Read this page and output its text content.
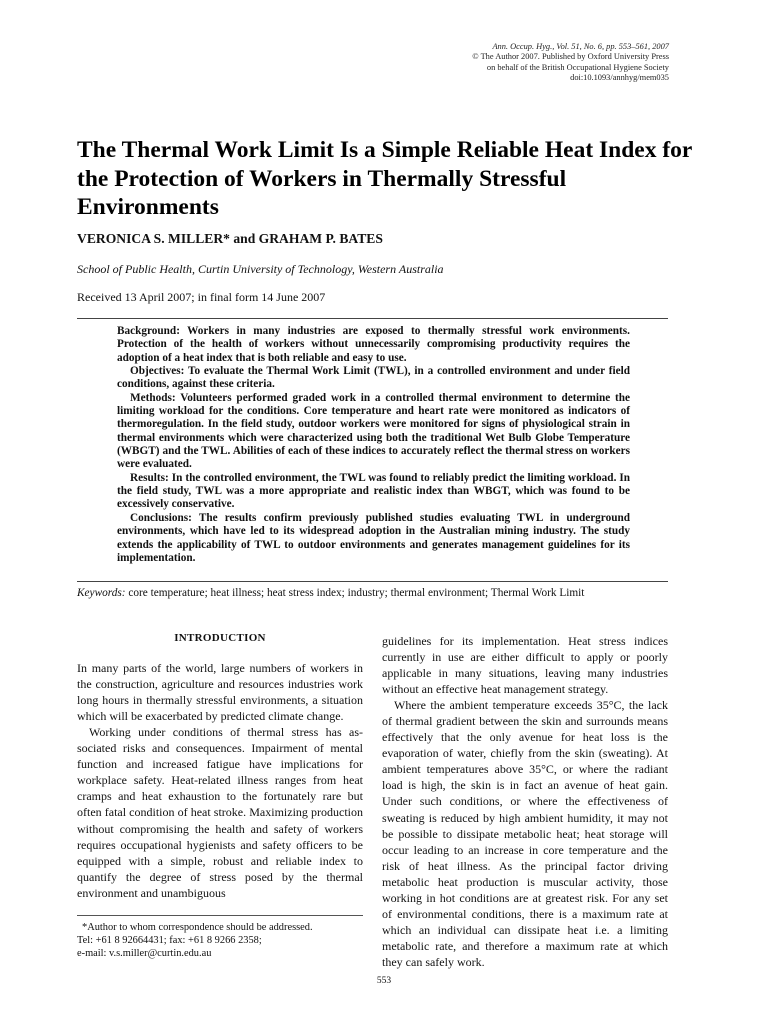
Ann. Occup. Hyg., Vol. 51, No. 6, pp. 553–561, 2007
© The Author 2007. Published by Oxford University Press
on behalf of the British Occupational Hygiene Society
doi:10.1093/annhyg/mem035
The Thermal Work Limit Is a Simple Reliable Heat Index for the Protection of Workers in Thermally Stressful Environments
VERONICA S. MILLER* and GRAHAM P. BATES
School of Public Health, Curtin University of Technology, Western Australia
Received 13 April 2007; in final form 14 June 2007

Background: Workers in many industries are exposed to thermally stressful work environments. Protection of the health of workers without unnecessarily compromising productivity requires the adoption of a heat index that is both reliable and easy to use.

Objectives: To evaluate the Thermal Work Limit (TWL), in a controlled environment and under field conditions, against these criteria.

Methods: Volunteers performed graded work in a controlled thermal environment to determine the limiting workload for the conditions. Core temperature and heart rate were monitored as indicators of thermoregulation. In the field study, outdoor workers were monitored for signs of physiological strain in thermal environments which were characterized using both the traditional Wet Bulb Globe Temperature (WBGT) and the TWL. Abilities of each of these indices to accurately reflect the thermal stress on workers were evaluated.

Results: In the controlled environment, the TWL was found to reliably predict the limiting workload. In the field study, TWL was a more appropriate and realistic index than WBGT, which was found to be excessively conservative.

Conclusions: The results confirm previously published studies evaluating TWL in underground environments, which have led to its widespread adoption in the Australian mining industry. The study extends the applicability of TWL to outdoor environments and generates management guidelines for its implementation.

Keywords: core temperature; heat illness; heat stress index; industry; thermal environment; Thermal Work Limit
INTRODUCTION

In many parts of the world, large numbers of workers in the construction, agriculture and resources industries work long hours in thermally stressful environments, a situation which will be exacerbated by predicted climate change.

Working under conditions of thermal stress has associated risks and consequences. Impairment of mental function and increased fatigue have implications for workplace safety. Heat-related illness ranges from heat cramps and heat exhaustion to the fortunately rare but often fatal condition of heat stroke. Maximizing production without compromising the health and safety of workers requires occupational hygienists and safety officers to be equipped with a simple, robust and reliable index to quantify the degree of stress posed by the thermal environment and unambiguous

guidelines for its implementation. Heat stress indices currently in use are either difficult to apply or poorly applicable in many situations, leaving many industries without an effective heat management strategy.

Where the ambient temperature exceeds 35°C, the lack of thermal gradient between the skin and surrounds means effectively that the only avenue for heat loss is the evaporation of water, chiefly from the skin (sweating). At ambient temperatures above 35°C, or where the radiant load is high, the skin is in fact an avenue of heat gain. Under such conditions, or where the effectiveness of sweating is reduced by high ambient humidity, it may not be possible to dissipate metabolic heat; heat storage will occur leading to an increase in core temperature and the risk of heat illness. As the principal factor driving metabolic heat production is muscular activity, those working in hot conditions are at greatest risk. For any set of environmental conditions, there is a maximum rate at which an individual can dissipate heat i.e. a limiting metabolic rate, and therefore a maximum rate at which they can safely work.

*Author to whom correspondence should be addressed.
Tel: +61 8 92664431; fax: +61 8 9266 2358;
e-mail: v.s.miller@curtin.edu.au
553
